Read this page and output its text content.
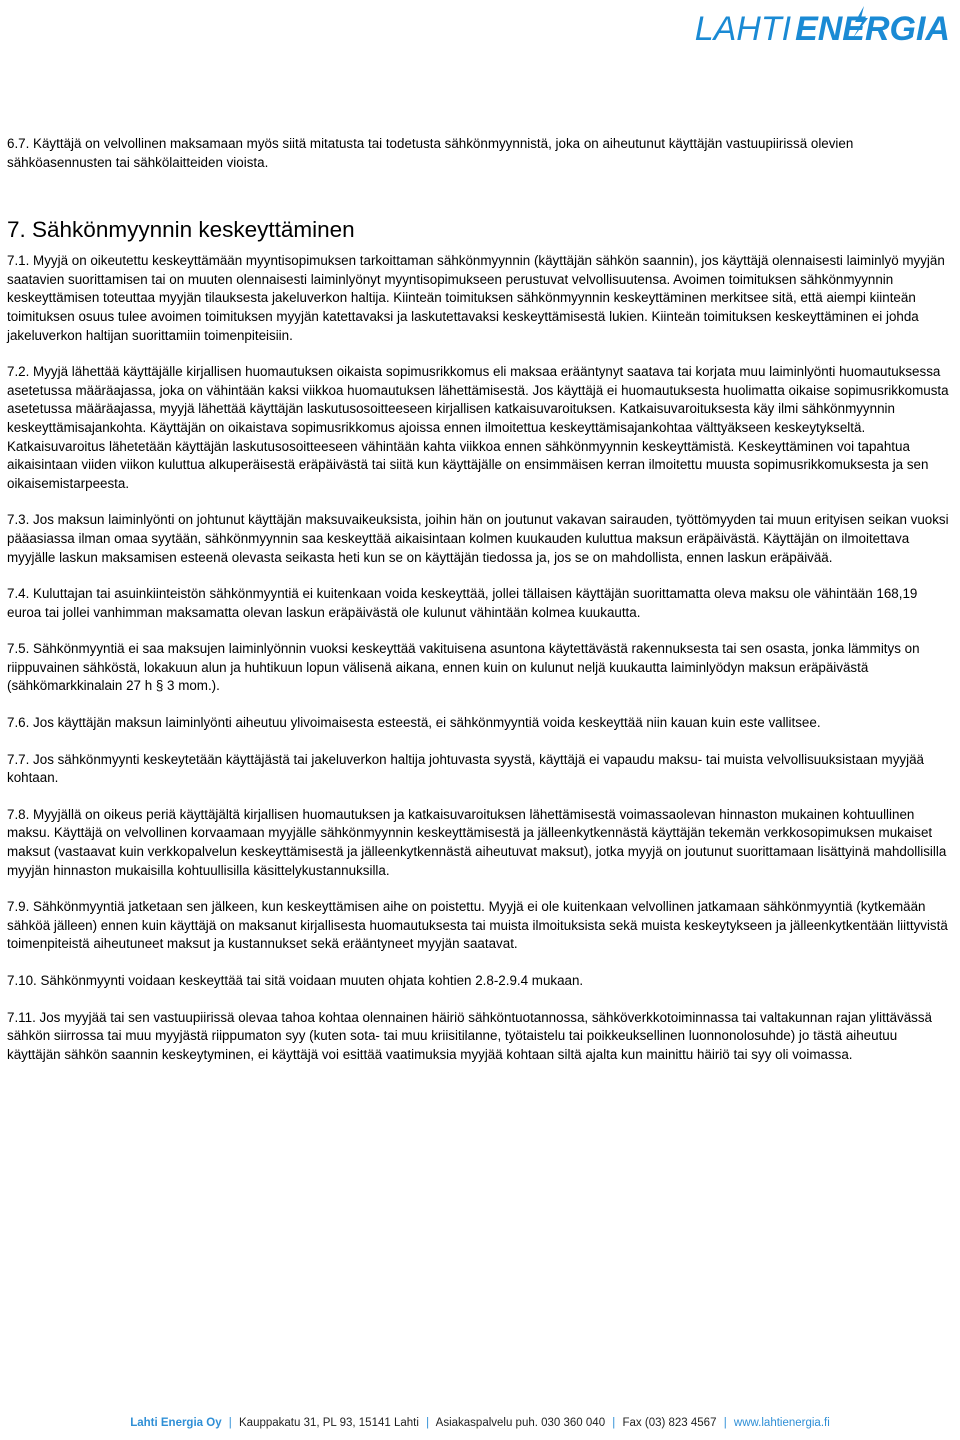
LAHTI ENERGIA

6.7. Käyttäjä on velvollinen maksamaan myös siitä mitatusta tai todetusta sähkönmyynnistä, joka on aiheutunut käyttäjän vastuupiirissä olevien sähköasennusten tai sähkölaitteiden vioista.

7. Sähkönmyynnin keskeyttäminen

7.1. Myyjä on oikeutettu keskeyttämään myyntisopimuksen tarkoittaman sähkönmyynnin (käyttäjän sähkön saannin), jos käyttäjä olennaisesti laiminlyö myyjän saatavien suorittamisen tai on muuten olennaisesti laiminlyönyt myyntisopimukseen perustuvat velvollisuutensa. Avoimen toimituksen sähkönmyynnin keskeyttämisen toteuttaa myyjän tilauksesta jakeluverkon haltija. Kiinteän toimituksen sähkönmyynnin keskeyttäminen merkitsee sitä, että aiempi kiinteän toimituksen osuus tulee avoimen toimituksen myyjän katettavaksi ja laskutettavaksi keskeyttämisestä lukien. Kiinteän toimituksen keskeyttäminen ei johda jakeluverkon haltijan suorittamiin toimenpiteisiin.

7.2. Myyjä lähettää käyttäjälle kirjallisen huomautuksen oikaista sopimusrikkomus eli maksaa erääntynyt saatava tai korjata muu laiminlyönti huomautuksessa asetetussa määräajassa, joka on vähintään kaksi viikkoa huomautuksen lähettämisestä. Jos käyttäjä ei huomautuksesta huolimatta oikaise sopimusrikkomusta asetetussa määräajassa, myyjä lähettää käyttäjän laskutusosoitteeseen kirjallisen katkaisuvaroituksen. Katkaisuvaroituksesta käy ilmi sähkönmyynnin keskeyttämisajankohta. Käyttäjän on oikaistava sopimusrikkomus ajoissa ennen ilmoitettua keskeyttämisajankohtaa välttyäkseen keskeytykseltä. Katkaisuvaroitus lähetetään käyttäjän laskutusosoitteeseen vähintään kahta viikkoa ennen sähkönmyynnin keskeyttämistä. Keskeyttäminen voi tapahtua aikaisintaan viiden viikon kuluttua alkuperäisestä eräpäivästä tai siitä kun käyttäjälle on ensimmäisen kerran ilmoitettu muusta sopimusrikkomuksesta ja sen oikaisemistarpeesta.

7.3. Jos maksun laiminlyönti on johtunut käyttäjän maksuvaikeuksista, joihin hän on joutunut vakavan sairauden, työttömyyden tai muun erityisen seikan vuoksi pääasiassa ilman omaa syytään, sähkönmyynnin saa keskeyttää aikaisintaan kolmen kuukauden kuluttua maksun eräpäivästä. Käyttäjän on ilmoitettava myyjälle laskun maksamisen esteenä olevasta seikasta heti kun se on käyttäjän tiedossa ja, jos se on mahdollista, ennen laskun eräpäivää.

7.4. Kuluttajan tai asuinkiinteistön sähkönmyyntiä ei kuitenkaan voida keskeyttää, jollei tällaisen käyttäjän suorittamatta oleva maksu ole vähintään 168,19 euroa tai jollei vanhimman maksamatta olevan laskun eräpäivästä ole kulunut vähintään kolmea kuukautta.

7.5. Sähkönmyyntiä ei saa maksujen laiminlyönnin vuoksi keskeyttää vakituisena asuntona käytettävästä rakennuksesta tai sen osasta, jonka lämmitys on riippuvainen sähköstä, lokakuun alun ja huhtikuun lopun välisenä aikana, ennen kuin on kulunut neljä kuukautta laiminlyödyn maksun eräpäivästä (sähkömarkkinalain 27 h § 3 mom.).

7.6. Jos käyttäjän maksun laiminlyönti aiheutuu ylivoimaisesta esteestä, ei sähkönmyyntiä voida keskeyttää niin kauan kuin este vallitsee.

7.7. Jos sähkönmyynti keskeytetään käyttäjästä tai jakeluverkon haltija johtuvasta syystä, käyttäjä ei vapaudu maksu- tai muista velvollisuuksistaan myyjää kohtaan.

7.8. Myyjällä on oikeus periä käyttäjältä kirjallisen huomautuksen ja katkaisuvaroituksen lähettämisestä voimassaolevan hinnaston mukainen kohtuullinen maksu. Käyttäjä on velvollinen korvaamaan myyjälle sähkönmyynnin keskeyttämisestä ja jälleenkytkennästä käyttäjän tekemän verkkosopimuksen mukaiset maksut (vastaavat kuin verkkopalvelun keskeyttämisestä ja jälleenkytkennästä aiheutuvat maksut), jotka myyjä on joutunut suorittamaan lisättyinä mahdollisilla myyjän hinnaston mukaisilla kohtuullisilla käsittelykustannuksilla.

7.9. Sähkönmyyntiä jatketaan sen jälkeen, kun keskeyttämisen aihe on poistettu. Myyjä ei ole kuitenkaan velvollinen jatkamaan sähkönmyyntiä (kytkemään sähköä jälleen) ennen kuin käyttäjä on maksanut kirjallisesta huomautuksesta tai muista ilmoituksista sekä muista keskeytykseen ja jälleenkytkentään liittyvistä toimenpiteistä aiheutuneet maksut ja kustannukset sekä erääntyneet myyjän saatavat.

7.10. Sähkönmyynti voidaan keskeyttää tai sitä voidaan muuten ohjata kohtien 2.8-2.9.4 mukaan.

7.11. Jos myyjää tai sen vastuupiirissä olevaa tahoa kohtaa olennainen häiriö sähköntuotannossa, sähköverkkotoiminnassa tai valtakunnan rajan ylittävässä sähkön siirrossa tai muu myyjästä riippumaton syy (kuten sota- tai muu kriisitilanne, työtaistelu tai poikkeuksellinen luonnonolosuhde) jo tästä aiheutuu käyttäjän sähkön saannin keskeytyminen, ei käyttäjä voi esittää vaatimuksia myyjää kohtaan siltä ajalta kun mainittu häiriö tai syy oli voimassa.

Lahti Energia Oy | Kauppakatu 31, PL 93, 15141 Lahti | Asiakaspalvelu puh. 030 360 040 | Fax (03) 823 4567 | www.lahtienergia.fi
